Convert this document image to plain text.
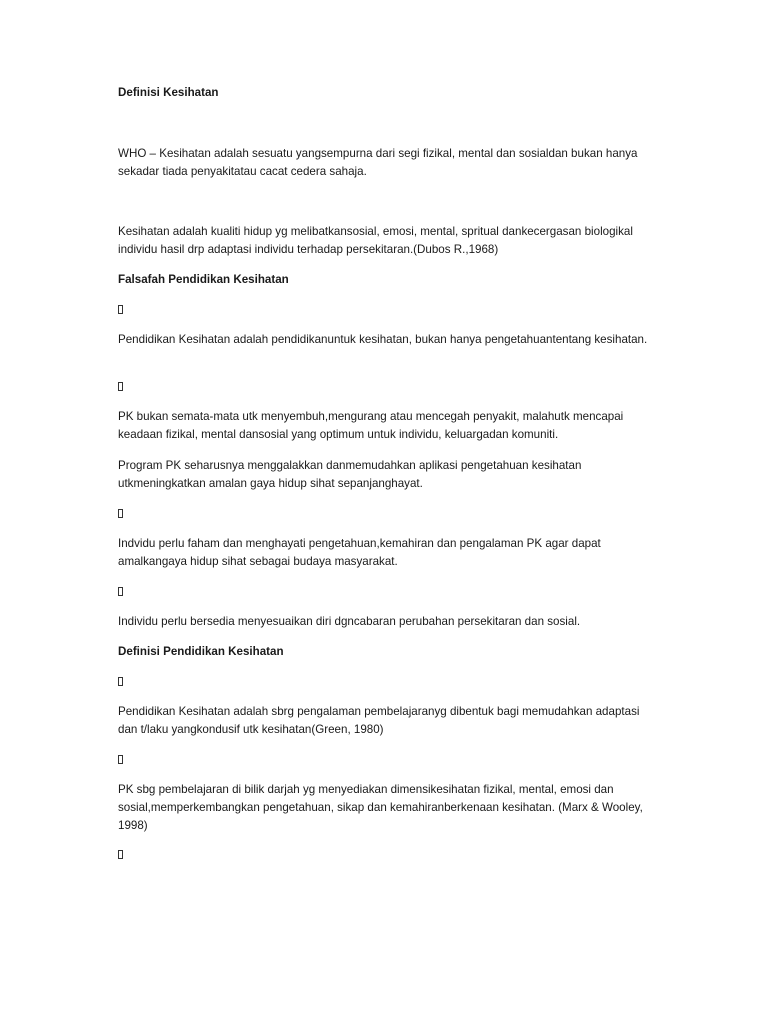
Definisi Kesihatan

WHO – Kesihatan adalah sesuatu yangsempurna dari segi fizikal, mental dan sosialdan bukan hanya sekadar tiada penyakitatau cacat cedera sahaja.

Kesihatan adalah kualiti hidup yg melibatkansosial, emosi, mental, spritual dankecergasan biologikal individu hasil drp adaptasi individu terhadap persekitaran.(Dubos R.,1968)

Falsafah Pendidikan Kesihatan

Pendidikan Kesihatan adalah pendidikanuntuk kesihatan, bukan hanya pengetahuantentang kesihatan.

PK bukan semata-mata utk menyembuh,mengurang atau mencegah penyakit, malahutk mencapai keadaan fizikal, mental dansosial yang optimum untuk individu, keluargadan komuniti.

Program PK seharusnya menggalakkan danmemudahkan aplikasi pengetahuan kesihatan utkmeningkatkan amalan gaya hidup sihat sepanjanghayat.

Indvidu perlu faham dan menghayati pengetahuan,kemahiran dan pengalaman PK agar dapat amalkangaya hidup sihat sebagai budaya masyarakat.

Individu perlu bersedia menyesuaikan diri dgncabaran perubahan persekitaran dan sosial.

Definisi Pendidikan Kesihatan

Pendidikan Kesihatan adalah sbrg pengalaman pembelajaranyg dibentuk bagi memudahkan adaptasi dan t/laku yangkondusif utk kesihatan(Green, 1980)

PK sbg pembelajaran di bilik darjah yg menyediakan dimensikesihatan fizikal, mental, emosi dan sosial,memperkembangkan pengetahuan, sikap dan kemahiranberkenaan kesihatan. (Marx & Wooley, 1998)
